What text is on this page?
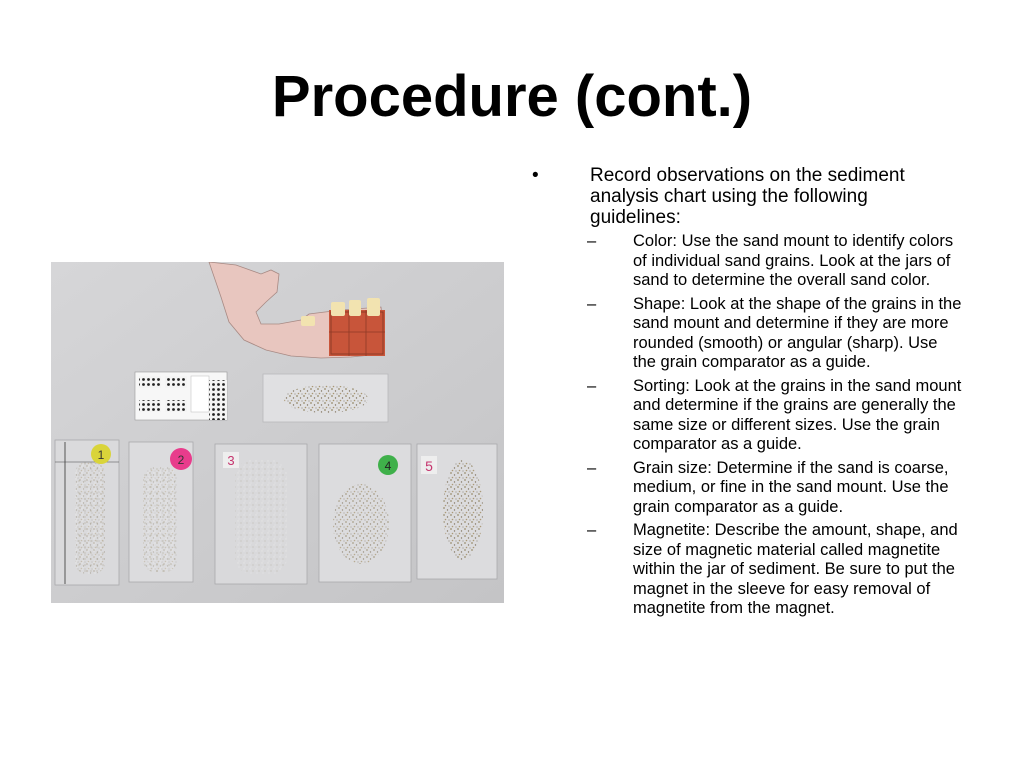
Procedure (cont.)
1	2	3	4 5
•	Record observations on the sediment analysis chart using the following guidelines:
–	Color: Use the sand mount to identify colors of individual sand grains. Look at the jars of sand to determine the overall sand color.
–	Shape: Look at the shape of the grains in the sand mount and determine if they are more rounded (smooth) or angular (sharp). Use the grain comparator as a guide.
–	Sorting: Look at the grains in the sand mount and determine if the grains are generally the same size or different sizes. Use the grain comparator as a guide.
–	Grain size: Determine if the sand is coarse, medium, or fine in the sand mount. Use the grain comparator as a guide.
–	Magnetite: Describe the amount, shape, and size of magnetic material called magnetite within the jar of sediment. Be sure to put the magnet in the sleeve for easy removal of magnetite from the magnet.
